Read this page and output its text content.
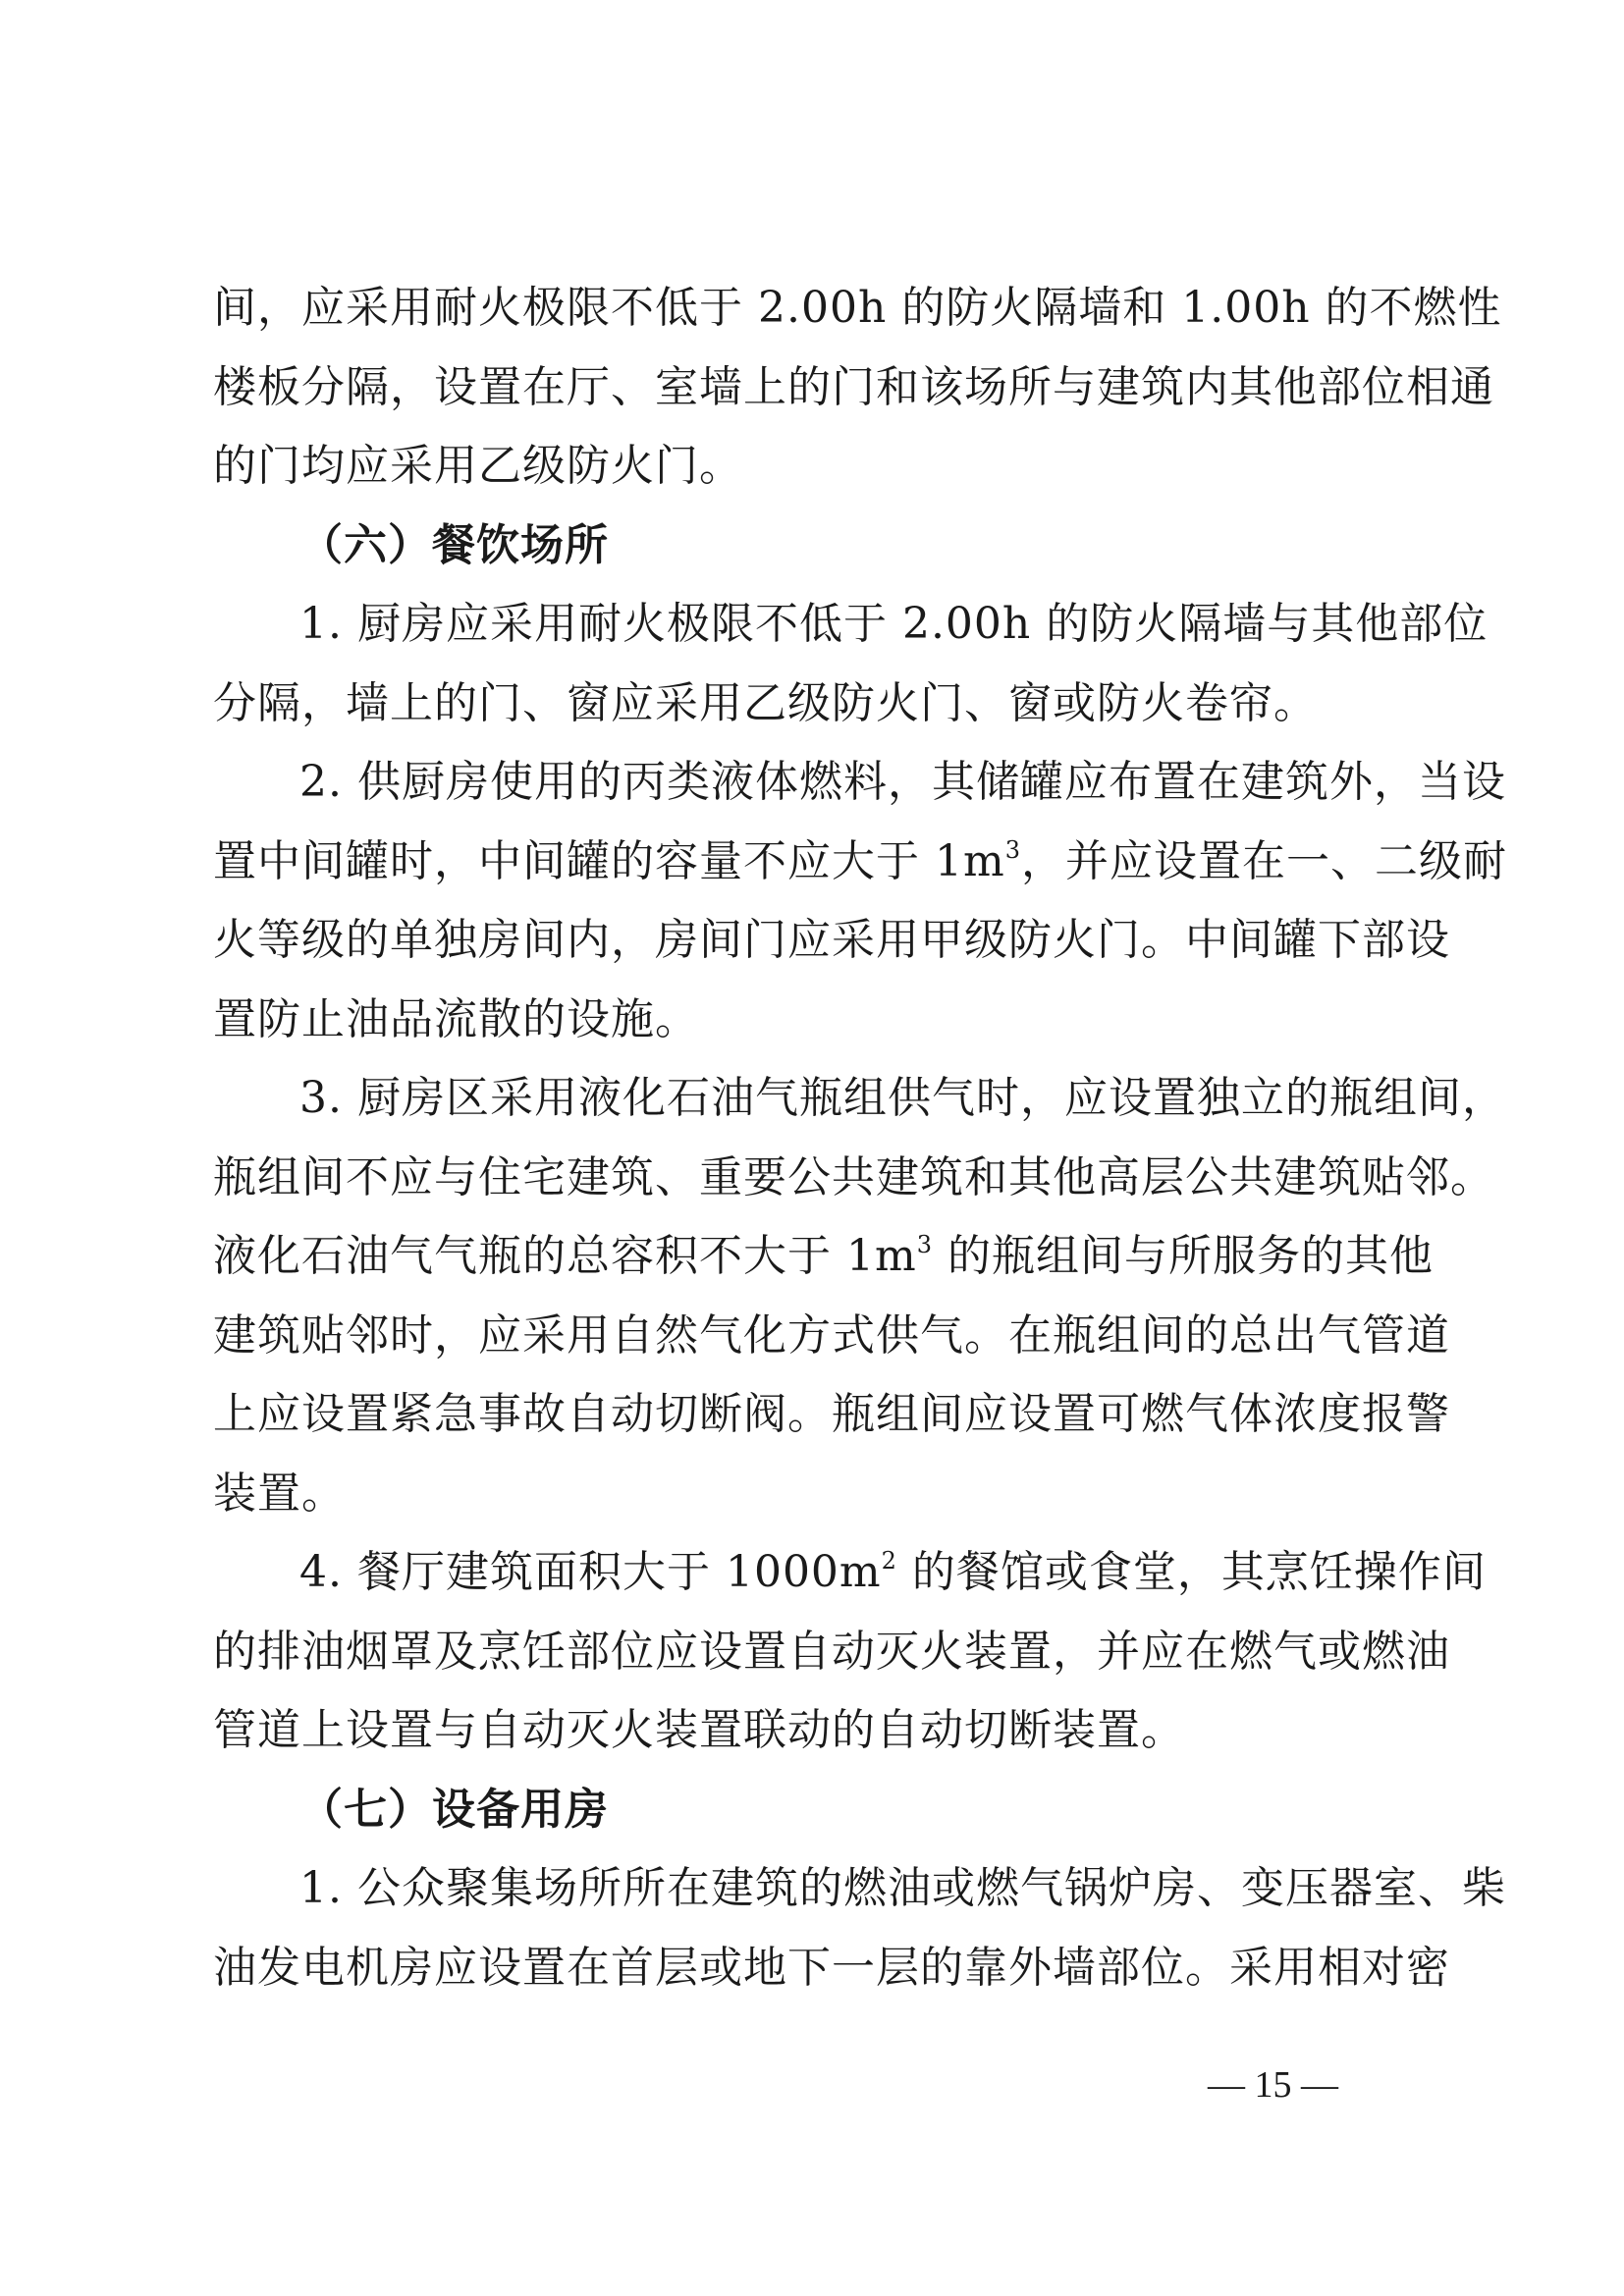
间，应采用耐火极限不低于 2.00h 的防火隔墙和 1.00h 的不燃性
楼板分隔，设置在厅、室墙上的门和该场所与建筑内其他部位相通
的门均应采用乙级防火门。
（六）餐饮场所
1. 厨房应采用耐火极限不低于 2.00h 的防火隔墙与其他部位
分隔，墙上的门、窗应采用乙级防火门、窗或防火卷帘。
2. 供厨房使用的丙类液体燃料，其储罐应布置在建筑外，当设
置中间罐时，中间罐的容量不应大于 $1m^3$，并应设置在一、二级耐
火等级的单独房间内，房间门应采用甲级防火门。中间罐下部设
置防止油品流散的设施。
3. 厨房区采用液化石油气瓶组供气时，应设置独立的瓶组间，
瓶组间不应与住宅建筑、重要公共建筑和其他高层公共建筑贴邻。
液化石油气气瓶的总容积不大于 $1m^3$ 的瓶组间与所服务的其他
建筑贴邻时，应采用自然气化方式供气。在瓶组间的总出气管道
上应设置紧急事故自动切断阀。瓶组间应设置可燃气体浓度报警
装置。
4. 餐厅建筑面积大于 $1000m^2$ 的餐馆或食堂，其烹饪操作间
的排油烟罩及烹饪部位应设置自动灭火装置，并应在燃气或燃油
管道上设置与自动灭火装置联动的自动切断装置。
（七）设备用房
1. 公众聚集场所所在建筑的燃油或燃气锅炉房、变压器室、柴
油发电机房应设置在首层或地下一层的靠外墙部位。采用相对密
— 15 —
